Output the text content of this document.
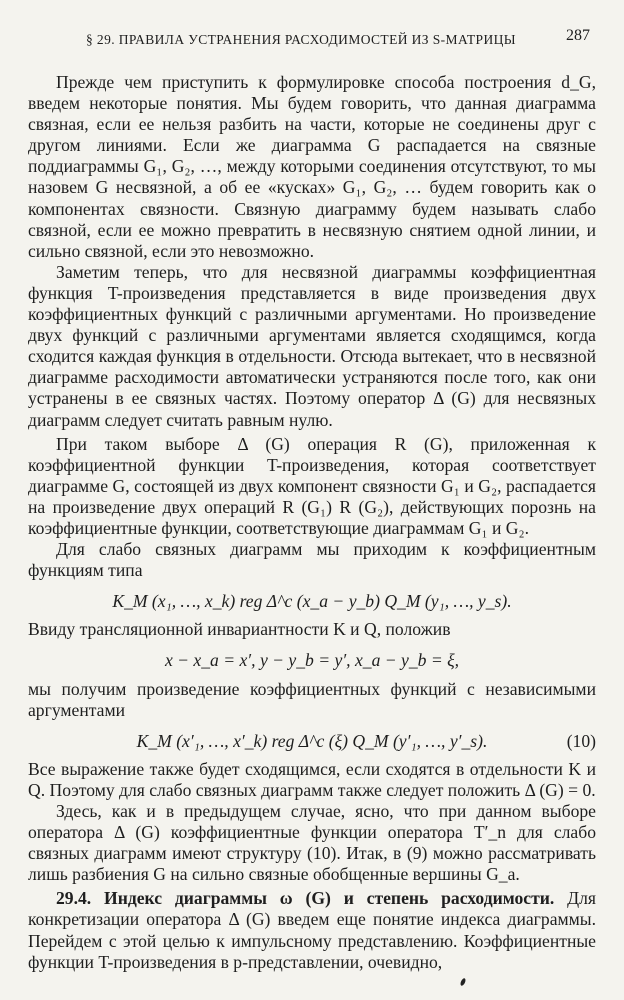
§ 29. ПРАВИЛА УСТРАНЕНИЯ РАСХОДИМОСТЕЙ ИЗ S-МАТРИЦЫ	287

Прежде чем приступить к формулировке способа построения d_G, введем некоторые понятия. Мы будем говорить, что данная диаграмма связная, если ее нельзя разбить на части, которые не соединены друг с другом линиями. Если же диаграмма G распадается на связные поддиаграммы G₁, G₂, …, между которыми соединения отсутствуют, то мы назовем G несвязной, а об ее «кусках» G₁, G₂, … будем говорить как о компонентах связности. Связную диаграмму будем называть слабо связной, если ее можно превратить в несвязную снятием одной линии, и сильно связной, если это невозможно.

Заметим теперь, что для несвязной диаграммы коэффициентная функция T-произведения представляется в виде произведения двух коэффициентных функций с различными аргументами. Но произведение двух функций с различными аргументами является сходящимся, когда сходится каждая функция в отдельности. Отсюда вытекает, что в несвязной диаграмме расходимости автоматически устраняются после того, как они устранены в ее связных частях. Поэтому оператор Δ (G) для несвязных диаграмм следует считать равным нулю.

При таком выборе Δ (G) операция R (G), приложенная к коэффициентной функции T-произведения, которая соответствует диаграмме G, состоящей из двух компонент связности G₁ и G₂, распадается на произведение двух операций R (G₁) R (G₂), действующих порознь на коэффициентные функции, соответствующие диаграммам G₁ и G₂.

Для слабо связных диаграмм мы приходим к коэффициентным функциям типа

K_M (x₁, …, x_k) reg Δ^c (x_a − y_b) Q_M (y₁, …, y_s).

Ввиду трансляционной инвариантности K и Q, положив

x − x_a = x′, y − y_b = y′, x_a − y_b = ξ,

мы получим произведение коэффициентных функций с независимыми аргументами

K_M (x′₁, …, x′_k) reg Δ^c (ξ) Q_M (y′₁, …, y′_s).	(10)

Все выражение также будет сходящимся, если сходятся в отдельности K и Q. Поэтому для слабо связных диаграмм также следует положить Δ (G) = 0.

Здесь, как и в предыдущем случае, ясно, что при данном выборе оператора Δ (G) коэффициентные функции оператора T′_n для слабо связных диаграмм имеют структуру (10). Итак, в (9) можно рассматривать лишь разбиения G на сильно связные обобщенные вершины G_a.

29.4. Индекс диаграммы ω (G) и степень расходимости. Для конкретизации оператора Δ (G) введем еще понятие индекса диаграммы. Перейдем с этой целью к импульсному представлению. Коэффициентные функции T-произведения в p-представлении, очевидно,
